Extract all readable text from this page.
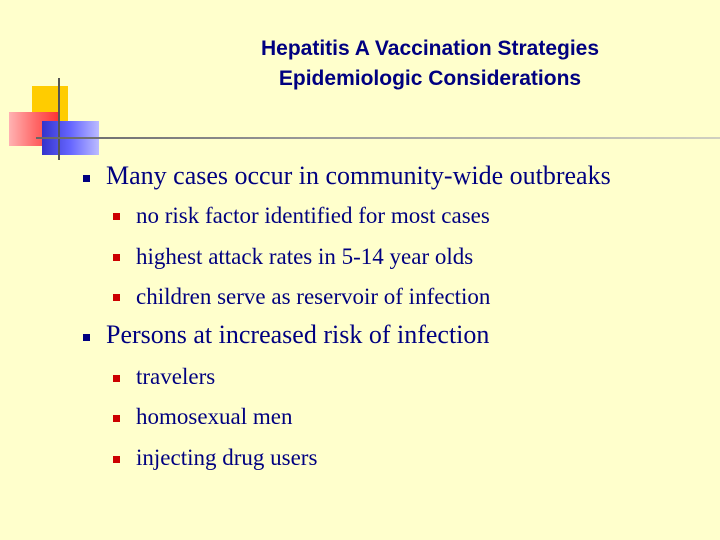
Hepatitis A Vaccination Strategies
Epidemiologic Considerations
Many cases occur in community-wide outbreaks
no risk factor identified for most cases
highest attack rates in 5-14 year olds
children serve as reservoir of infection
Persons at increased risk of infection
travelers
homosexual men
injecting drug users
